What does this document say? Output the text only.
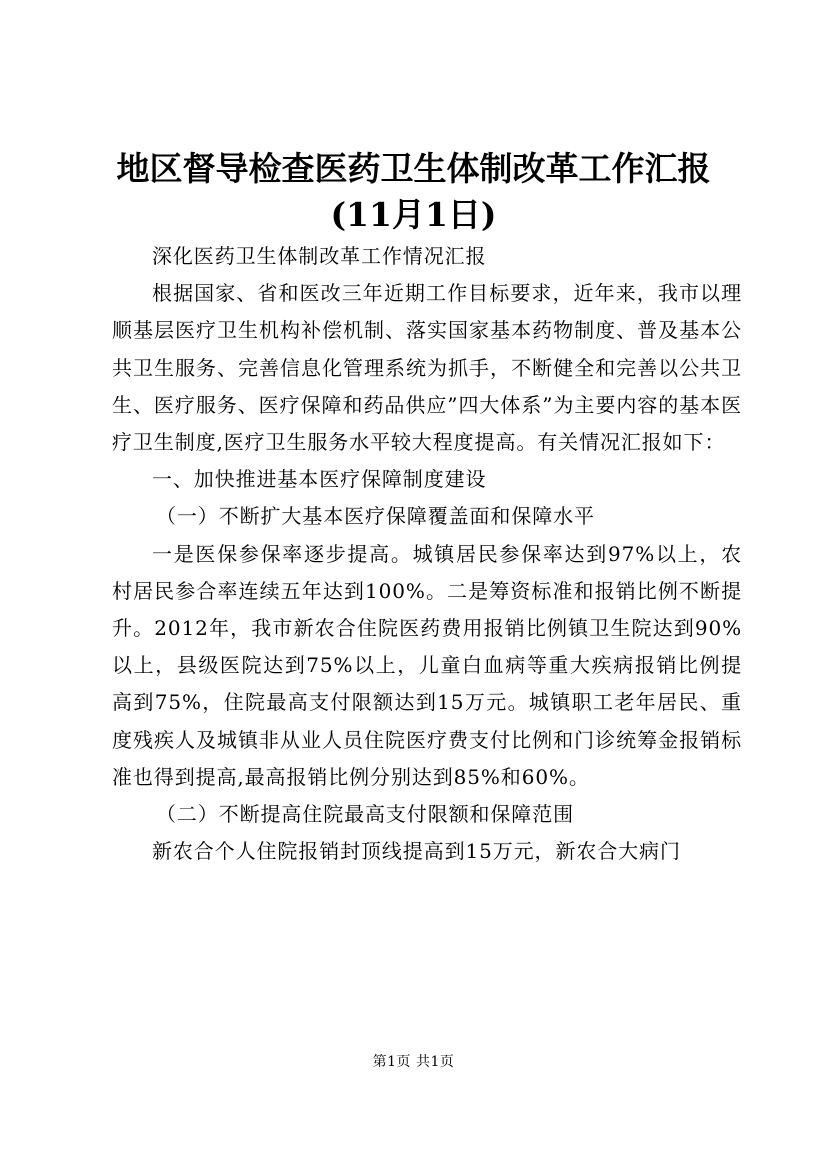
地区督导检查医药卫生体制改革工作汇报(11月1日)

深化医药卫生体制改革工作情况汇报

根据国家、省和医改三年近期工作目标要求，近年来，我市以理顺基层医疗卫生机构补偿机制、落实国家基本药物制度、普及基本公共卫生服务、完善信息化管理系统为抓手，不断健全和完善以公共卫生、医疗服务、医疗保障和药品供应”四大体系”为主要内容的基本医疗卫生制度,医疗卫生服务水平较大程度提高。有关情况汇报如下：

一、加快推进基本医疗保障制度建设

（一）不断扩大基本医疗保障覆盖面和保障水平

一是医保参保率逐步提高。城镇居民参保率达到97%以上，农村居民参合率连续五年达到100%。二是筹资标准和报销比例不断提升。2012年，我市新农合住院医药费用报销比例镇卫生院达到90%以上，县级医院达到75%以上，儿童白血病等重大疾病报销比例提高到75%，住院最高支付限额达到15万元。城镇职工老年居民、重度残疾人及城镇非从业人员住院医疗费支付比例和门诊统筹金报销标准也得到提高,最高报销比例分别达到85%和60%。

（二）不断提高住院最高支付限额和保障范围

新农合个人住院报销封顶线提高到15万元，新农合大病门

第1页 共1页
